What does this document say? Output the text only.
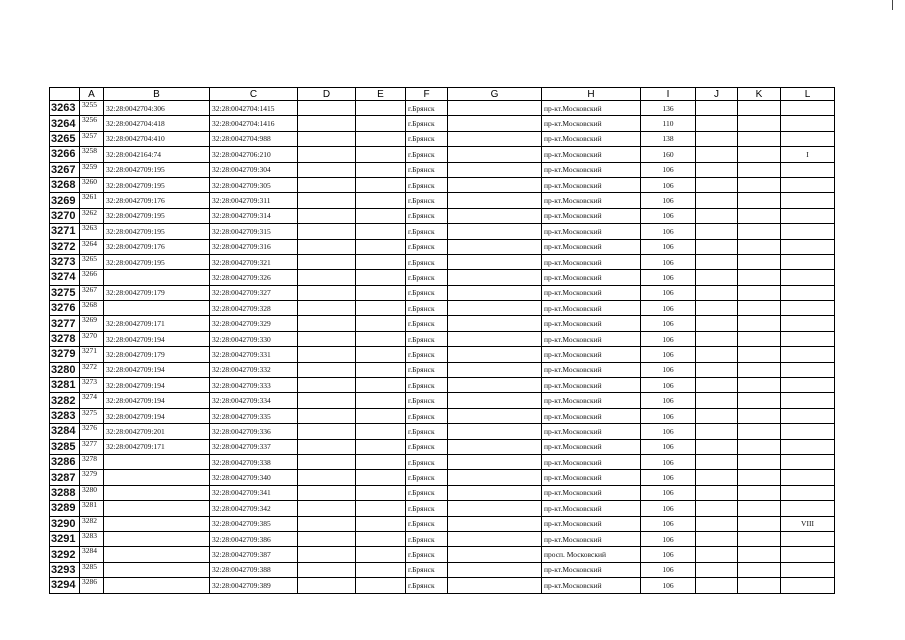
	A	B	C	D	E	F	G	H	I	J	K	L
3263	3255	32:28:0042704:306	32:28:0042704:1415			г.Брянск		пр-кт.Московский	136			
3264	3256	32:28:0042704:418	32:28:0042704:1416			г.Брянск		пр-кт.Московский	110			
3265	3257	32:28:0042704:410	32:28:0042704:988			г.Брянск		пр-кт.Московский	138			
3266	3258	32:28:0042164:74	32:28:0042706:210			г.Брянск		пр-кт.Московский	160			I
3267	3259	32:28:0042709:195	32:28:0042709:304			г.Брянск		пр-кт.Московский	106			
3268	3260	32:28:0042709:195	32:28:0042709:305			г.Брянск		пр-кт.Московский	106			
3269	3261	32:28:0042709:176	32:28:0042709:311			г.Брянск		пр-кт.Московский	106			
3270	3262	32:28:0042709:195	32:28:0042709:314			г.Брянск		пр-кт.Московский	106			
3271	3263	32:28:0042709:195	32:28:0042709:315			г.Брянск		пр-кт.Московский	106			
3272	3264	32:28:0042709:176	32:28:0042709:316			г.Брянск		пр-кт.Московский	106			
3273	3265	32:28:0042709:195	32:28:0042709:321			г.Брянск		пр-кт.Московский	106			
3274	3266		32:28:0042709:326			г.Брянск		пр-кт.Московский	106			
3275	3267	32:28:0042709:179	32:28:0042709:327			г.Брянск		пр-кт.Московский	106			
3276	3268		32:28:0042709:328			г.Брянск		пр-кт.Московский	106			
3277	3269	32:28:0042709:171	32:28:0042709:329			г.Брянск		пр-кт.Московский	106			
3278	3270	32:28:0042709:194	32:28:0042709:330			г.Брянск		пр-кт.Московский	106			
3279	3271	32:28:0042709:179	32:28:0042709:331			г.Брянск		пр-кт.Московский	106			
3280	3272	32:28:0042709:194	32:28:0042709:332			г.Брянск		пр-кт.Московский	106			
3281	3273	32:28:0042709:194	32:28:0042709:333			г.Брянск		пр-кт.Московский	106			
3282	3274	32:28:0042709:194	32:28:0042709:334			г.Брянск		пр-кт.Московский	106			
3283	3275	32:28:0042709:194	32:28:0042709:335			г.Брянск		пр-кт.Московский	106			
3284	3276	32:28:0042709:201	32:28:0042709:336			г.Брянск		пр-кт.Московский	106			
3285	3277	32:28:0042709:171	32:28:0042709:337			г.Брянск		пр-кт.Московский	106			
3286	3278		32:28:0042709:338			г.Брянск		пр-кт.Московский	106			
3287	3279		32:28:0042709:340			г.Брянск		пр-кт.Московский	106			
3288	3280		32:28:0042709:341			г.Брянск		пр-кт.Московский	106			
3289	3281		32:28:0042709:342			г.Брянск		пр-кт.Московский	106			
3290	3282		32:28:0042709:385			г.Брянск		пр-кт.Московский	106			VIII
3291	3283		32:28:0042709:386			г.Брянск		пр-кт.Московский	106			
3292	3284		32:28:0042709:387			г.Брянск		просп. Московский	106			
3293	3285		32:28:0042709:388			г.Брянск		пр-кт.Московский	106			
3294	3286		32:28:0042709:389			г.Брянск		пр-кт.Московский	106			
